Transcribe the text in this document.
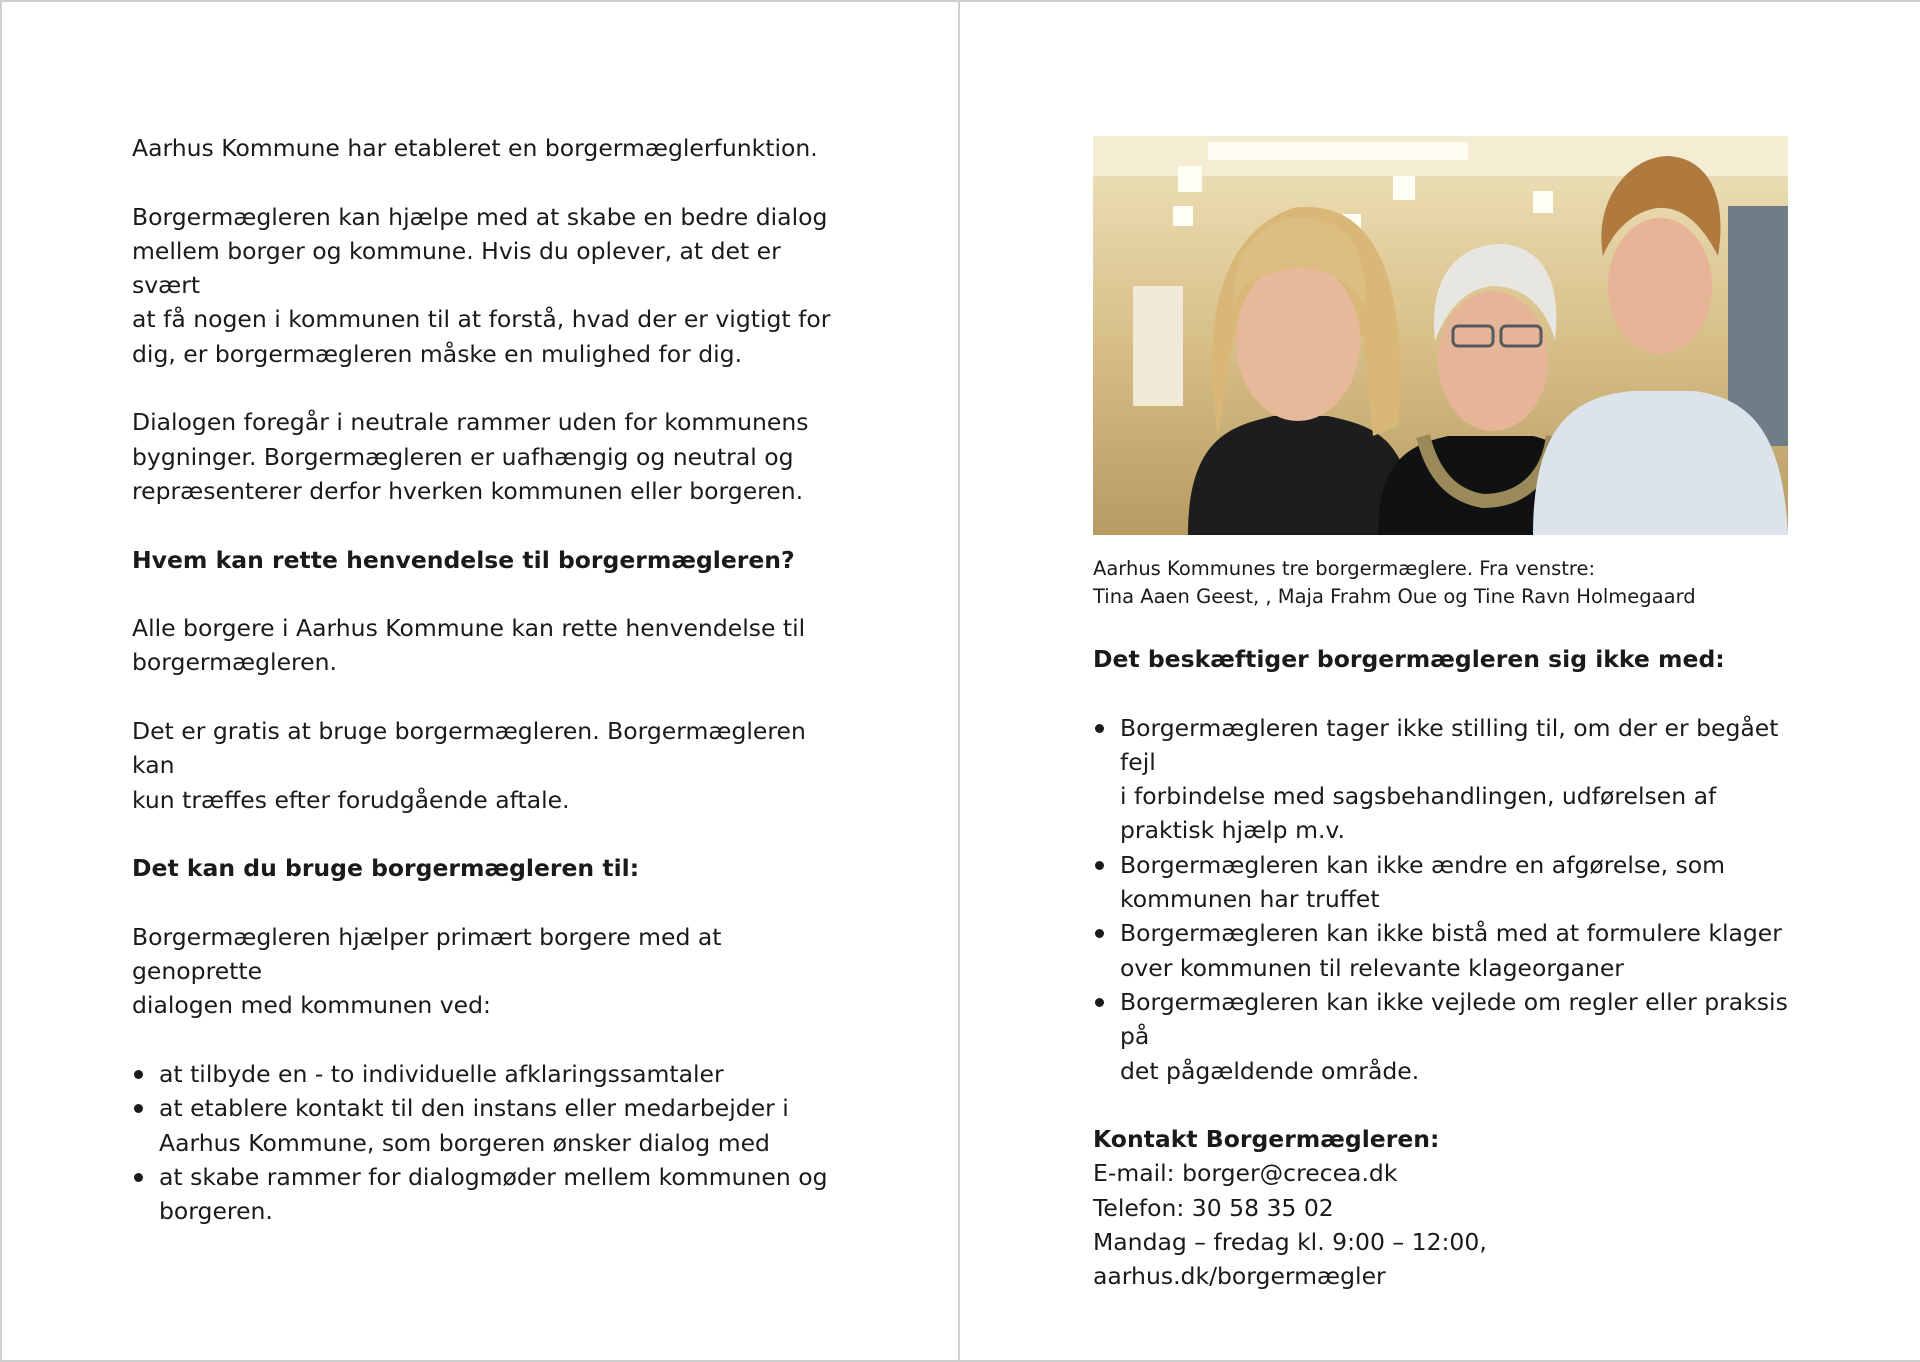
Aarhus Kommune har etableret en borgermæglerfunktion.

Borgermægleren kan hjælpe med at skabe en bedre dialog

mellem borger og kommune. Hvis du oplever, at det er svært

at få nogen i kommunen til at forstå, hvad der er vigtigt for

dig, er borgermægleren måske en mulighed for dig.

Dialogen foregår i neutrale rammer uden for kommunens

bygninger. Borgermægleren er uafhængig og neutral og

repræsenterer derfor hverken kommunen eller borgeren.

Hvem kan rette henvendelse til borgermægleren?

Alle borgere i Aarhus Kommune kan rette henvendelse til

borgermægleren.

Det er gratis at bruge borgermægleren. Borgermægleren kan

kun træffes efter forudgående aftale.

Det kan du bruge borgermægleren til:

Borgermægleren hjælper primært borgere med at genoprette

dialogen med kommunen ved:

at tilbyde en - to individuelle afklaringssamtaler

at etablere kontakt til den instans eller medarbejder i

Aarhus Kommune, som borgeren ønsker dialog med

at skabe rammer for dialogmøder mellem kommunen og

borgeren.

Aarhus Kommunes tre borgermæglere. Fra venstre:

Tina Aaen Geest, , Maja Frahm Oue og Tine Ravn Holmegaard

Det beskæftiger borgermægleren sig ikke med:

Borgermægleren tager ikke stilling til, om der er begået fejl

i forbindelse med sagsbehandlingen, udførelsen af

praktisk hjælp m.v.

Borgermægleren kan ikke ændre en afgørelse, som

kommunen har truffet

Borgermægleren kan ikke bistå med at formulere klager

over kommunen til relevante klageorganer

Borgermægleren kan ikke vejlede om regler eller praksis på

det pågældende område.

Kontakt Borgermægleren:

E-mail: borger@crecea.dk

Telefon: 30 58 35 02

Mandag – fredag kl. 9:00 – 12:00,

aarhus.dk/borgermægler
